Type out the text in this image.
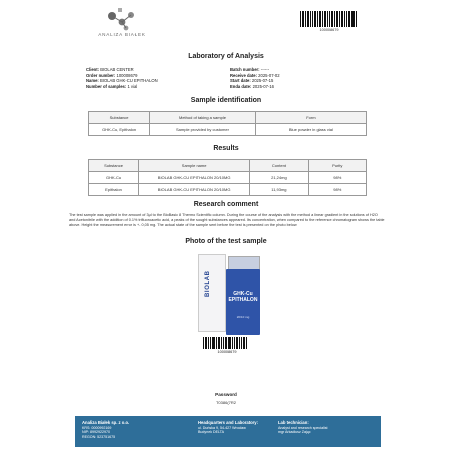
ANALIZA BIAŁEK
100008679
Laboratory of Analysis
Client: BIOLAB CENTER
Order number: 100008679
Name: BIOLAB GHK-CU EPITHALON
Number of samples: 1 vial
Batch number: ------
Receive date: 2025-07-02
Start date: 2025-07-15
Enda date: 2025-07-16
Sample identification
Substance	Method of taking a sample	Form
GHK-Cu, Epithalon	Sample provided by customer	Blue powder in glass vial
Results
Substance	Sample name	Content	Purity
GHK-Cu	BIOLAB GHK-CU EPITHALON 20/10MG	21,24mg	98%
Epithalon	BIOLAB GHK-CU EPITHALON 20/10MG	11,93mg	98%
Research comment
The test sample was applied in the amount of 3μl to the BioBasic 8 Thermo Scientific column. During the course of the analysis with the method a linear gradient in the solutions of H2O and Acetonitrile with the addition of 0.1% trifluoroacetic acid, a peaks of the sought substances appeared. Its concentration, when compared to the reference chromatogram shows the table above. Height the measurement error is +- 0,05 mg. The actual state of the sample sent before the test is presented on the photo below
Photo of the test sample
BIOLAB	GHK-Cu EPITHALON
20/10 mg
100008679
Password
T0386(7R2
Analiza Białek sp. z o.o.
KRS: 0000992169
NIP: 8992922970
REGON: 523751675
Headquarters and Laboratory:
ul. Duńska 9, 54-427 Wrocław
Budynek DELTA
Lab technician:
Analyst and research specialist
mgr Arkadiusz Zając
